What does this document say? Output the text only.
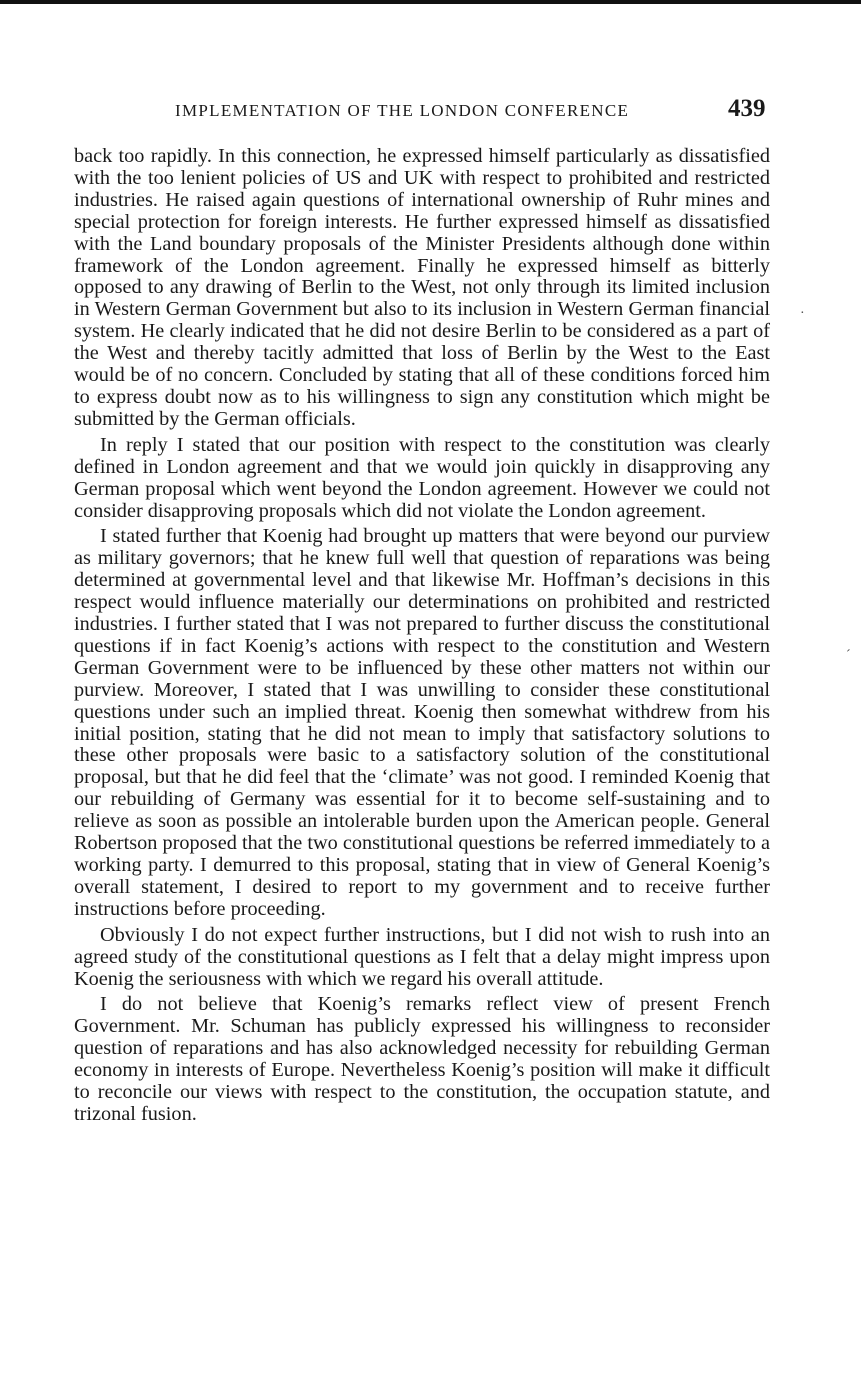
IMPLEMENTATION OF THE LONDON CONFERENCE	439

back too rapidly. In this connection, he expressed himself particularly as dissatisfied with the too lenient policies of US and UK with respect to prohibited and restricted industries. He raised again questions of international ownership of Ruhr mines and special protection for foreign interests. He further expressed himself as dissatisfied with the Land boundary proposals of the Minister Presidents although done within framework of the London agreement. Finally he expressed himself as bitterly opposed to any drawing of Berlin to the West, not only through its limited inclusion in Western German Government but also to its inclusion in Western German financial system. He clearly indicated that he did not desire Berlin to be considered as a part of the West and thereby tacitly admitted that loss of Berlin by the West to the East would be of no concern. Concluded by stating that all of these conditions forced him to express doubt now as to his willingness to sign any constitution which might be submitted by the German officials.

In reply I stated that our position with respect to the constitution was clearly defined in London agreement and that we would join quickly in disapproving any German proposal which went beyond the London agreement. However we could not consider disapproving proposals which did not violate the London agreement.

I stated further that Koenig had brought up matters that were beyond our purview as military governors; that he knew full well that question of reparations was being determined at governmental level and that likewise Mr. Hoffman’s decisions in this respect would influence materially our determinations on prohibited and restricted industries. I further stated that I was not prepared to further discuss the constitutional questions if in fact Koenig’s actions with respect to the constitution and Western German Government were to be influenced by these other matters not within our purview. Moreover, I stated that I was unwilling to consider these constitutional questions under such an implied threat. Koenig then somewhat withdrew from his initial position, stating that he did not mean to imply that satisfactory solutions to these other proposals were basic to a satisfactory solution of the constitutional proposal, but that he did feel that the ‘climate’ was not good. I reminded Koenig that our rebuilding of Germany was essential for it to become self-sustaining and to relieve as soon as possible an intolerable burden upon the American people. General Robertson proposed that the two constitutional questions be referred immediately to a working party. I demurred to this proposal, stating that in view of General Koenig’s overall statement, I desired to report to my government and to receive further instructions before proceeding.

Obviously I do not expect further instructions, but I did not wish to rush into an agreed study of the constitutional questions as I felt that a delay might impress upon Koenig the seriousness with which we regard his overall attitude.

I do not believe that Koenig’s remarks reflect view of present French Government. Mr. Schuman has publicly expressed his willingness to reconsider question of reparations and has also acknowledged necessity for rebuilding German economy in interests of Europe. Nevertheless Koenig’s position will make it difficult to reconcile our views with respect to the constitution, the occupation statute, and trizonal fusion.

·
ˊ
